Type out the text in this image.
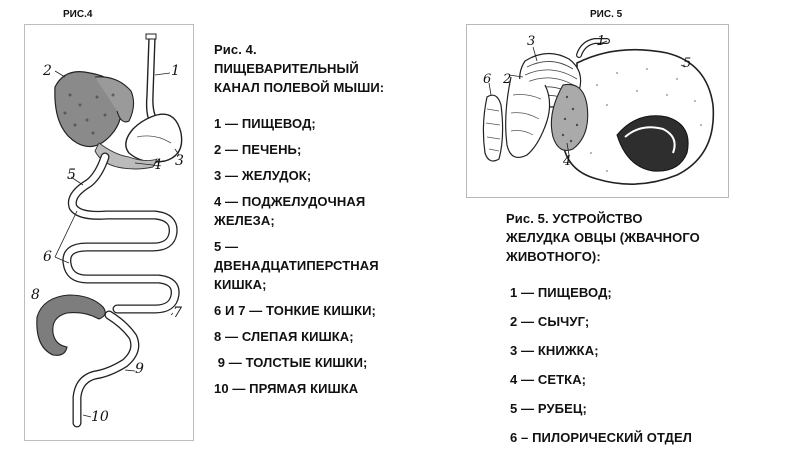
РИС.4	РИС. 5
1
2
3
4
5
6
7
8
9
10

Рис. 4.

ПИЩЕВАРИТЕЛЬНЫЙ

КАНАЛ ПОЛЕВОЙ МЫШИ:

1 — ПИЩЕВОД;

2 — ПЕЧЕНЬ;

3 — ЖЕЛУДОК;

4 — ПОДЖЕЛУДОЧНАЯ

ЖЕЛЕЗА;

5 —

ДВЕНАДЦАТИПЕРСТНАЯ

КИШКА;

6 И 7 — ТОНКИЕ КИШКИ;

8 — СЛЕПАЯ КИШКА;

9 — ТОЛСТЫЕ КИШКИ;

10 — ПРЯМАЯ КИШКА

1
2
3
4
5
6

Рис. 5. УСТРОЙСТВО

ЖЕЛУДКА ОВЦЫ (ЖВАЧНОГО

ЖИВОТНОГО):

1 — ПИЩЕВОД;

2 — СЫЧУГ;

3 — КНИЖКА;

4 — СЕТКА;

5 — РУБЕЦ;

6 – ПИЛОРИЧЕСКИЙ ОТДЕЛ
